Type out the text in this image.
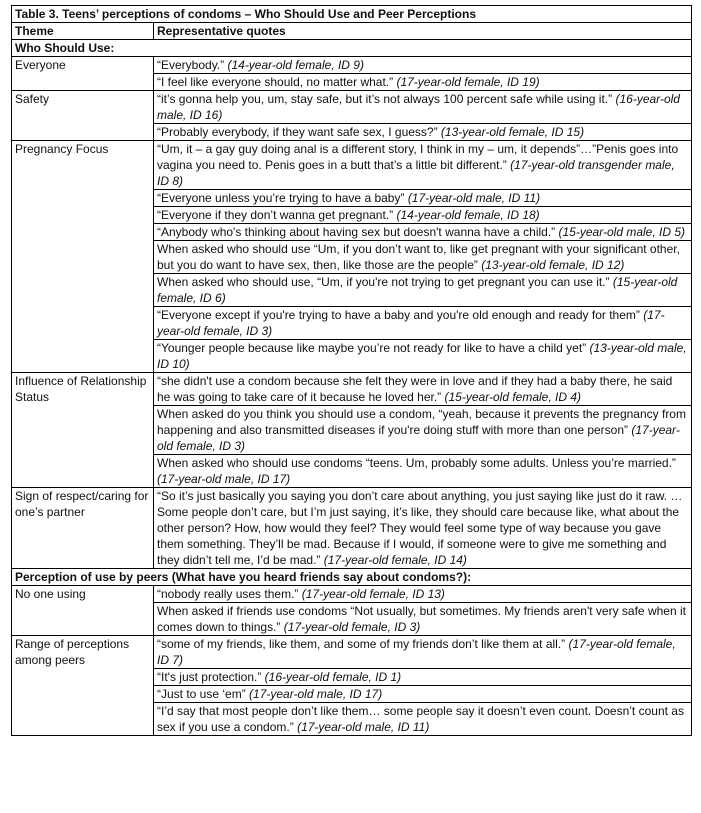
Table 3. Teens’ perceptions of condoms – Who Should Use and Peer Perceptions	
Theme	Representative quotes
Who Should Use:	
Everyone	“Everybody.” (14-year-old female, ID 9)
	“I feel like everyone should, no matter what.” (17-year-old female, ID 19)
Safety	“it’s gonna help you, um, stay safe, but it’s not always 100 percent safe while using it.” (16-year-old male, ID 16)
	“Probably everybody, if they want safe sex, I guess?” (13-year-old female, ID 15)
Pregnancy Focus	“Um, it – a gay guy doing anal is a different story, I think in my – um, it depends”…”Penis goes into vagina you need to. Penis goes in a butt that’s a little bit different.” (17-year-old transgender male, ID 8)
	“Everyone unless you’re trying to have a baby” (17-year-old male, ID 11)
	“Everyone if they don’t wanna get pregnant.” (14-year-old female, ID 18)
	“Anybody who's thinking about having sex but doesn't wanna have a child.” (15-year-old male, ID 5)
	When asked who should use “Um, if you don’t want to, like get pregnant with your significant other, but you do want to have sex, then, like those are the people” (13-year-old female, ID 12)
	When asked who should use, “Um, if you're not trying to get pregnant you can use it.” (15-year-old female, ID 6)
	“Everyone except if you're trying to have a baby and you're old enough and ready for them” (17-year-old female, ID 3)
	“Younger people because like maybe you’re not ready for like to have a child yet” (13-year-old male, ID 10)
Influence of Relationship Status	“she didn't use a condom because she felt they were in love and if they had a baby there, he said he was going to take care of it because he loved her.” (15-year-old female, ID 4)
	When asked do you think you should use a condom, “yeah, because it prevents the pregnancy from happening and also transmitted diseases if you're doing stuff with more than one person” (17-year-old female, ID 3)
	When asked who should use condoms “teens. Um, probably some adults. Unless you’re married.” (17-year-old male, ID 17)
Sign of respect/caring for one’s partner	“So it’s just basically you saying you don’t care about anything, you just saying like just do it raw. … Some people don’t care, but I’m just saying, it’s like, they should care because like, what about the other person? How, how would they feel? They would feel some type of way because you gave them something. They’ll be mad. Because if I would, if someone were to give me something and they didn’t tell me, I’d be mad.” (17-year-old female, ID 14)
Perception of use by peers (What have you heard friends say about condoms?):	
No one using	“nobody really uses them.” (17-year-old female, ID 13)
	When asked if friends use condoms “Not usually, but sometimes. My friends aren't very safe when it comes down to things.” (17-year-old female, ID 3)
Range of perceptions among peers	“some of my friends, like them, and some of my friends don’t like them at all.” (17-year-old female, ID 7)
	“It's just protection.” (16-year-old female, ID 1)
	“Just to use ‘em” (17-year-old male, ID 17)
	“I’d say that most people don’t like them… some people say it doesn’t even count. Doesn’t count as sex if you use a condom.” (17-year-old male, ID 11)
